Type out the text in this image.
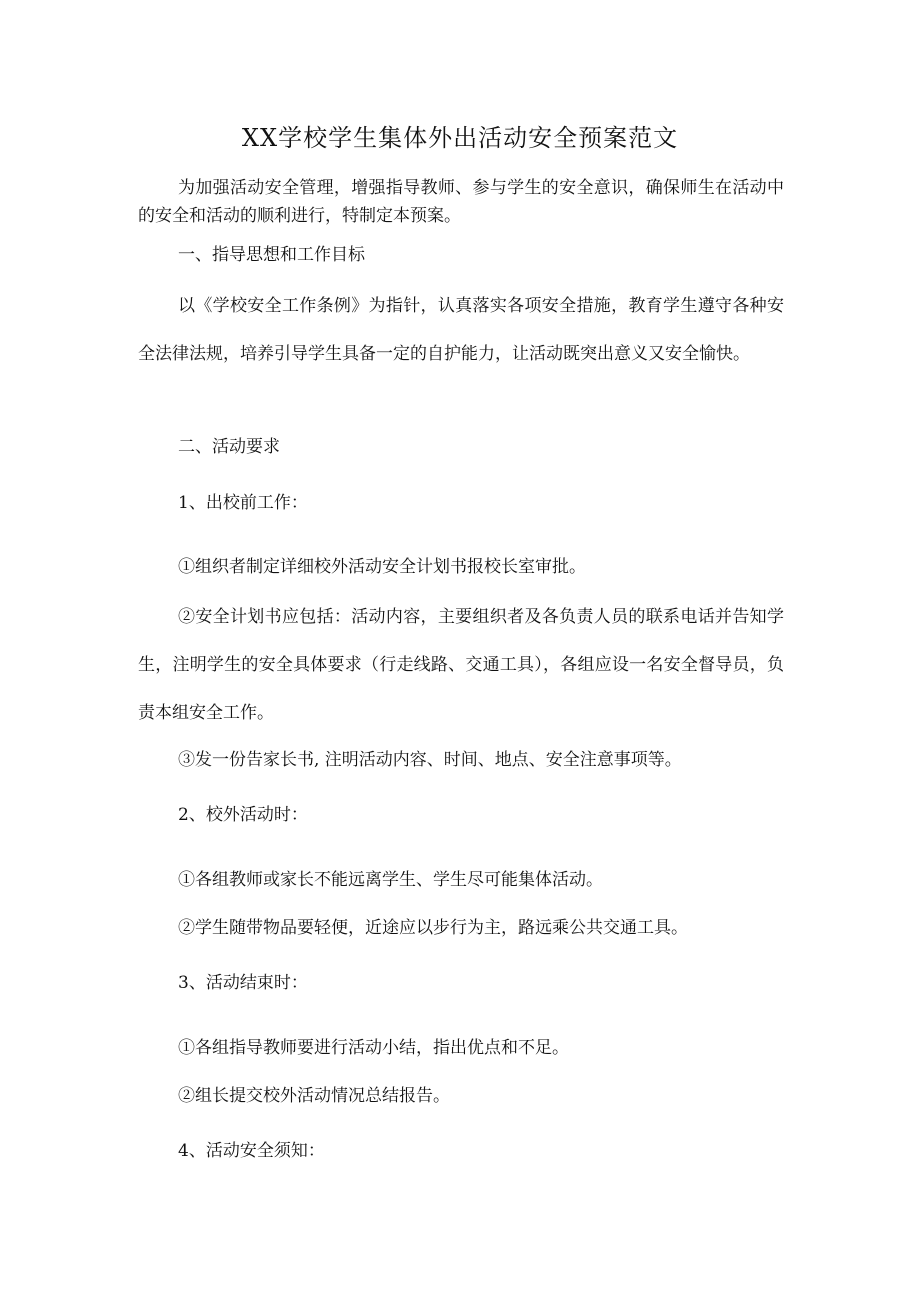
XX学校学生集体外出活动安全预案范文

为加强活动安全管理，增强指导教师、参与学生的安全意识，确保师生在活动中的安全和活动的顺利进行，特制定本预案。

一、指导思想和工作目标

以《学校安全工作条例》为指针，认真落实各项安全措施，教育学生遵守各种安全法律法规，培养引导学生具备一定的自护能力，让活动既突出意义又安全愉快。

二、活动要求

1、出校前工作：

①组织者制定详细校外活动安全计划书报校长室审批。

②安全计划书应包括：活动内容，主要组织者及各负责人员的联系电话并告知学生，注明学生的安全具体要求（行走线路、交通工具），各组应设一名安全督导员，负责本组安全工作。

③发一份告家长书, 注明活动内容、时间、地点、安全注意事项等。

2、校外活动时：

①各组教师或家长不能远离学生、学生尽可能集体活动。

②学生随带物品要轻便，近途应以步行为主，路远乘公共交通工具。

3、活动结束时：

①各组指导教师要进行活动小结，指出优点和不足。

②组长提交校外活动情况总结报告。

4、活动安全须知：
